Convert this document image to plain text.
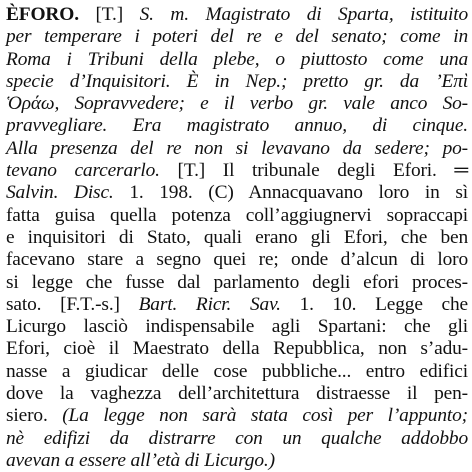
ÈFORO. [T.] S. m. Magistrato di Sparta, istituito
per temperare i poteri del re e del senato; come in
Roma i Tribuni della plebe, o piuttosto come una
specie d’Inquisitori. È in Nep.; pretto gr. da ’Επὶ
Ὁράω, Sopravvedere; e il verbo gr. vale anco So-
pravvegliare. Era magistrato annuo, di cinque.
Alla presenza del re non si levavano da sedere; po-
tevano carcerarlo. [T.] Il tribunale degli Efori. ═
Salvin. Disc. 1. 198. (C) Annacquavano loro in sì
fatta guisa quella potenza coll’aggiugnervi sopraccapi
e inquisitori di Stato, quali erano gli Efori, che ben
facevano stare a segno quei re; onde d’alcun di loro
si legge che fusse dal parlamento degli efori proces-
sato. [F.T.-s.] Bart. Ricr. Sav. 1. 10. Legge che
Licurgo lasciò indispensabile agli Spartani: che gli
Efori, cioè il Maestrato della Repubblica, non s’adu-
nasse a giudicar delle cose pubbliche... entro edifici
dove la vaghezza dell’architettura distraesse il pen-
siero. (La legge non sarà stata così per l’appunto;
nè edifizi da distrarre con un qualche addobbo
avevan a essere all’età di Licurgo.)
